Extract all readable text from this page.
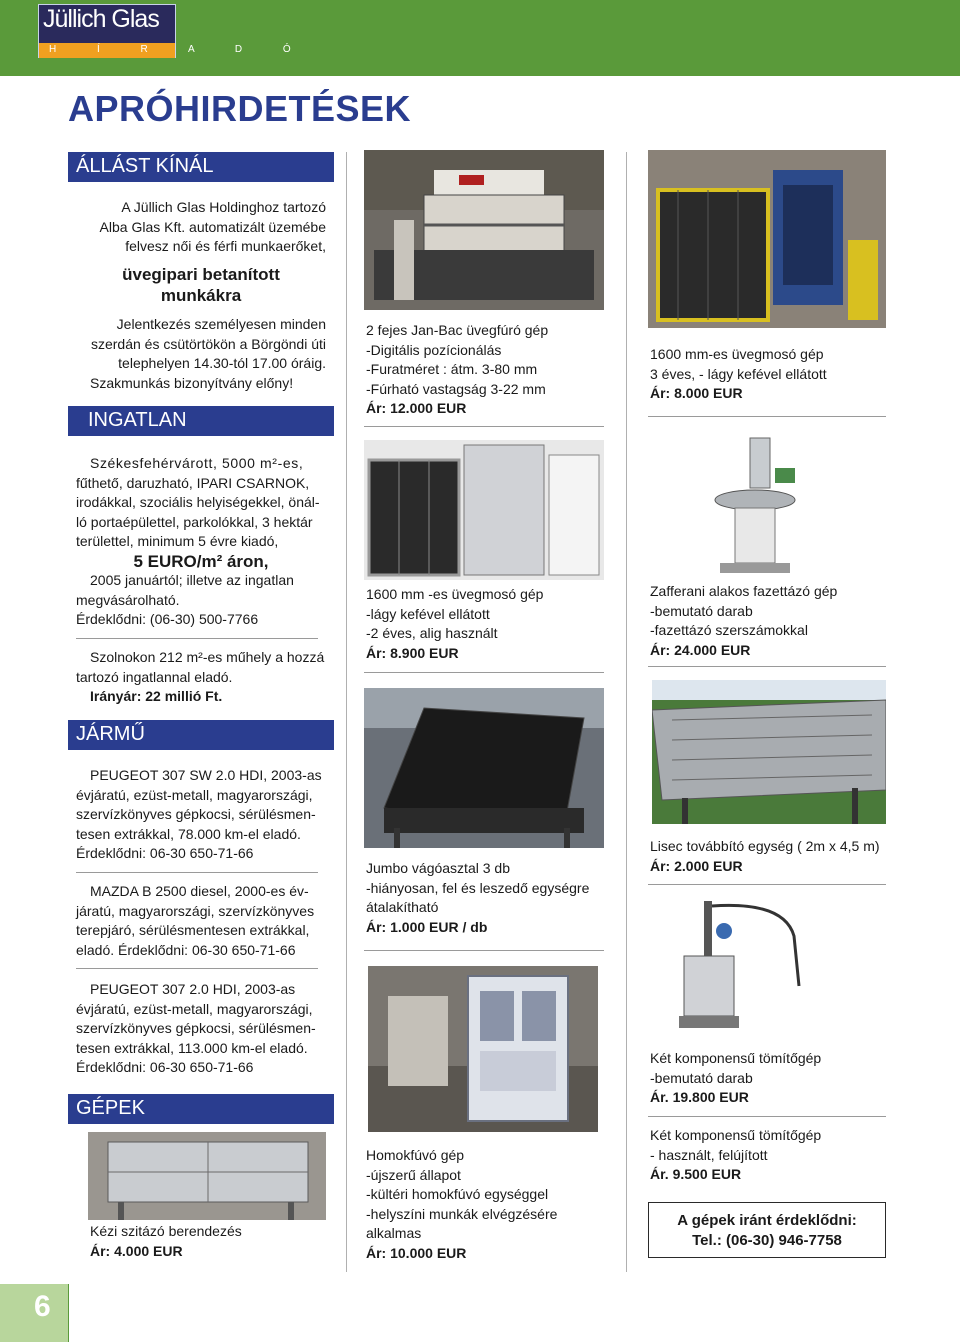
Jüllich Glas
H Í R A D Ó
APRÓHIRDETÉSEK
ÁLLÁST KÍNÁL
A Jüllich Glas Holdinghoz tartozó
Alba Glas Kft. automatizált üzemébe
felvesz női és férfi munkaerőket,
üvegipari betanított
munkákra
Jelentkezés személyesen minden
szerdán és csütörtökön a Börgöndi úti
telephelyen 14.30-tól 17.00 óráig.
Szakmunkás bizonyítvány előny!
INGATLAN
Székesfehérvárott, 5000 m²-es,
fűthető, daruzható, IPARI CSARNOK,
irodákkal, szociális helyiségekkel, önál-
ló portaépülettel, parkolókkal, 3 hektár
területtel, minimum 5 évre kiadó,
5 EURO/m² áron,
2005 januártól; illetve az ingatlan
megvásárolható.
Érdeklődni: (06-30) 500-7766
Szolnokon 212 m²-es műhely a hozzá
tartozó ingatlannal eladó.
Irányár: 22 millió Ft.
JÁRMŰ
PEUGEOT 307 SW 2.0 HDI, 2003-as
évjáratú, ezüst-metall, magyarországi,
szervízkönyves gépkocsi, sérülésmen-
tesen extrákkal, 78.000 km-el eladó.
Érdeklődni: 06-30 650-71-66
MAZDA B 2500 diesel, 2000-es év-
járatú, magyarországi, szervízkönyves
terepjáró, sérülésmentesen extrákkal,
eladó. Érdeklődni: 06-30 650-71-66
PEUGEOT 307 2.0 HDI, 2003-as
évjáratú, ezüst-metall, magyarországi,
szervízkönyves gépkocsi, sérülésmen-
tesen extrákkal, 113.000 km-el eladó.
Érdeklődni: 06-30 650-71-66
GÉPEK
Kézi szitázó berendezés
Ár: 4.000 EUR
2 fejes Jan-Bac üvegfúró gép
-Digitális pozícionálás
-Furatméret : átm. 3-80 mm
-Fúrható vastagság 3-22 mm
Ár: 12.000 EUR
1600 mm-es üvegmosó gép
3 éves, - lágy kefével ellátott
Ár: 8.000 EUR
1600 mm -es üvegmosó gép
-lágy kefével ellátott
-2 éves, alig használt
Ár: 8.900 EUR
Zafferani alakos fazettázó gép
-bemutató darab
-fazettázó szerszámokkal
Ár: 24.000 EUR
Jumbo vágóasztal 3 db
-hiányosan, fel és leszedő egységre
átalakítható
Ár: 1.000 EUR / db
Lisec továbbító egység ( 2m x 4,5 m)
Ár: 2.000 EUR
Két komponensű tömítőgép
-bemutató darab
Ár. 19.800 EUR
Homokfúvó gép
-újszerű állapot
-kültéri homokfúvó egységgel
-helyszíni munkák elvégzésére
alkalmas
Ár: 10.000 EUR
Két komponensű tömítőgép
- használt, felújított
Ár. 9.500 EUR
A gépek iránt érdeklődni:
Tel.: (06-30) 946-7758
6
